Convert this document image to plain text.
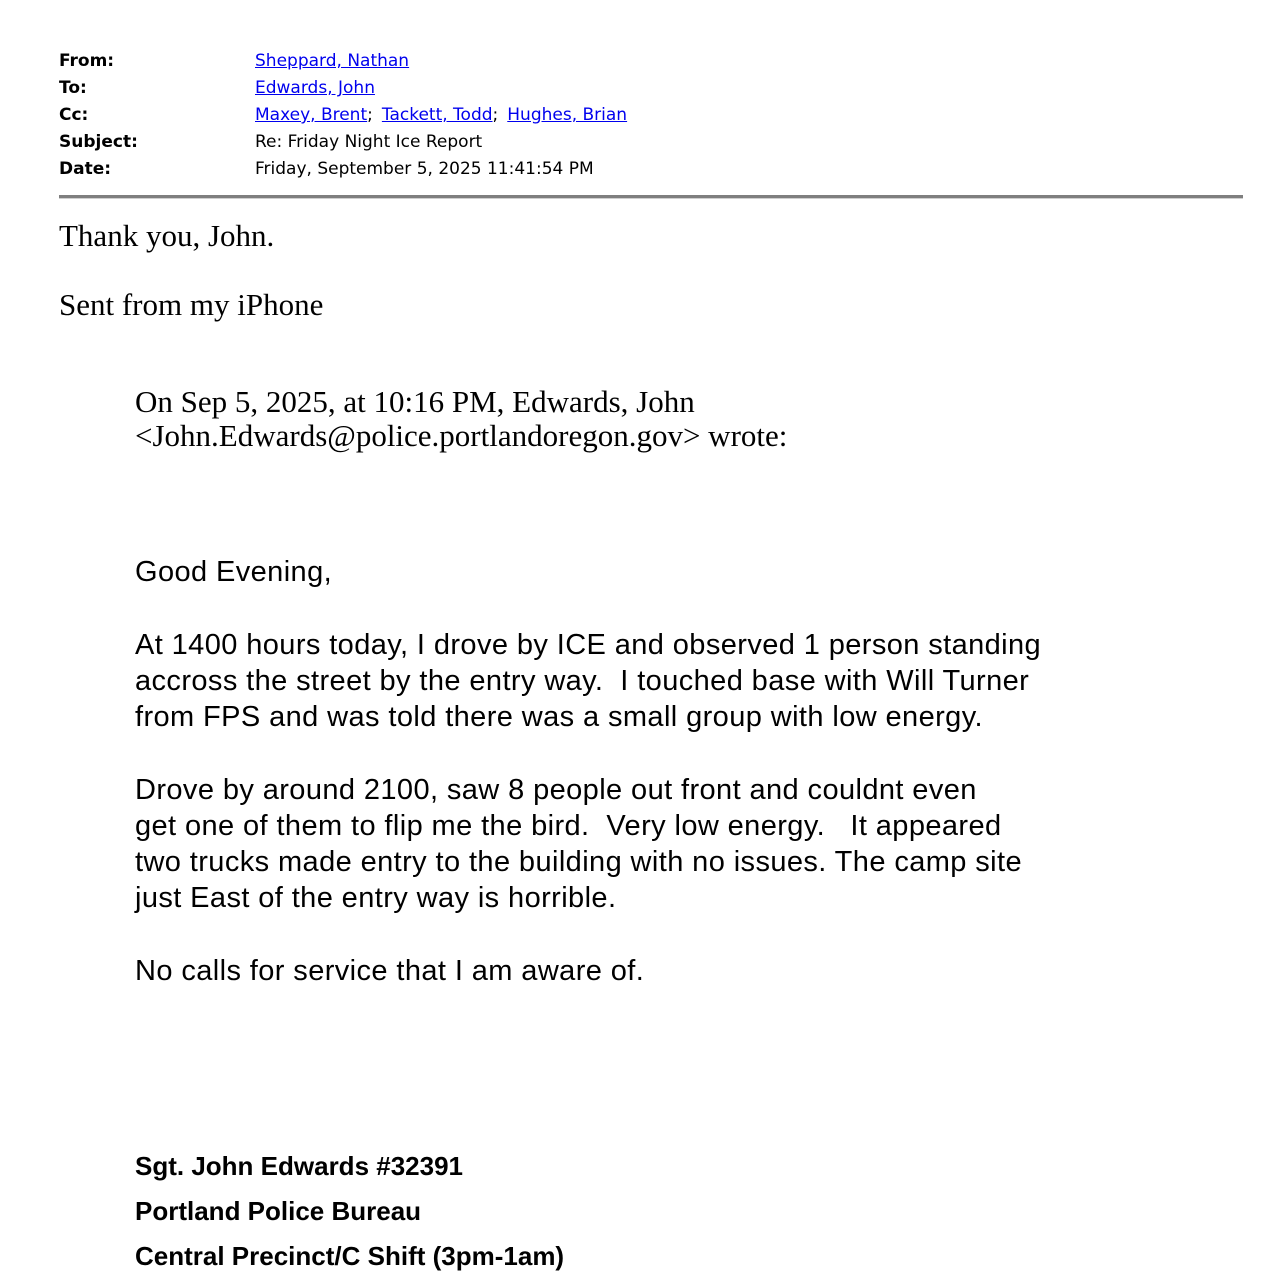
From:	Sheppard, Nathan
To:	Edwards, John
Cc:	Maxey, Brent; Tackett, Todd; Hughes, Brian
Subject:	Re: Friday Night Ice Report
Date:	Friday, September 5, 2025 11:41:54 PM
Thank you, John.
Sent from my iPhone
On Sep 5, 2025, at 10:16 PM, Edwards, John
<John.Edwards@police.portlandoregon.gov> wrote:
Good Evening,
At 1400 hours today, I drove by ICE and observed 1 person standing
accross the street by the entry way.  I touched base with Will Turner
from FPS and was told there was a small group with low energy.
Drove by around 2100, saw 8 people out front and couldnt even
get one of them to flip me the bird.  Very low energy.   It appeared
two trucks made entry to the building with no issues. The camp site
just East of the entry way is horrible.
No calls for service that I am aware of.
Sgt. John Edwards #32391
Portland Police Bureau
Central Precinct/C Shift (3pm-1am)
